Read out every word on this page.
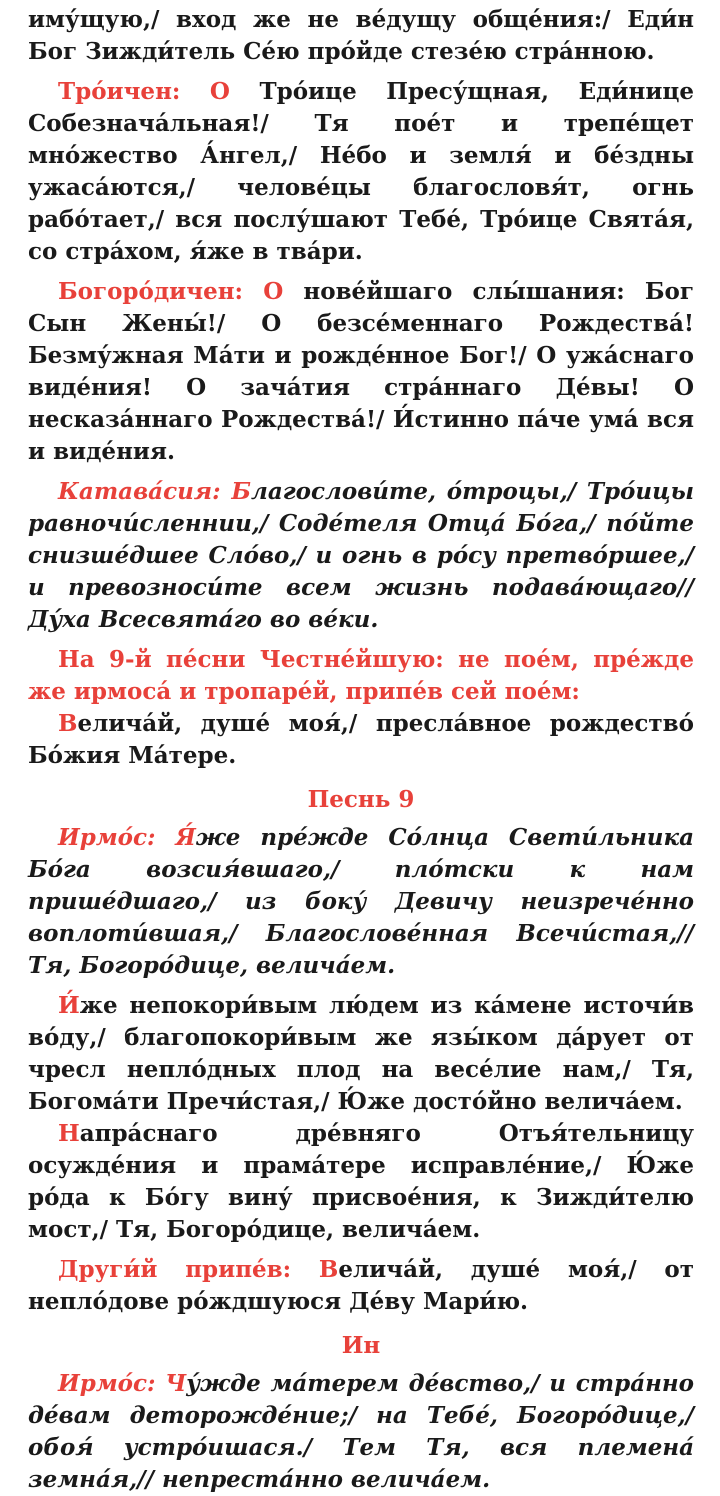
иму́щую,/ вход же не ве́дущу обще́ния:/ Еди́н Бог Зижди́тель Се́ю про́йде стезе́ю стра́нною.

Тро́ичен: О Тро́ице Пресу́щная, Еди́нице Собезнача́льная!/ Тя пое́т и трепе́щет мно́жество А́нгел,/ Не́бо и земля́ и бе́здны ужаса́ются,/ челове́цы благословя́т, огнь рабо́тает,/ вся послу́шают Тебе́, Тро́ице Свята́я, со стра́хом, я́же в тва́ри.

Богоро́дичен: О нове́йшаго слы́шания: Бог Сын Жены́!/ О безсе́меннаго Рождества́! Безму́жная Ма́ти и рожде́нное Бог!/ О ужа́снаго виде́ния! О зача́тия стра́ннаго Де́вы! О несказа́ннаго Рождества́!/ И́стинно па́че ума́ вся и виде́ния.

Катава́сия: Благослови́те, о́троцы,/ Тро́ицы равночи́сленнии,/ Соде́теля Отца́ Бо́га,/ по́йте снизше́дшее Сло́во,/ и огнь в ро́су претво́ршее,/ и превозноси́те всем жизнь подава́ющаго// Ду́ха Всесвята́го во ве́ки.

На 9-й пе́сни Честне́йшую: не пое́м, пре́жде же ирмоса́ и тропаре́й, припе́в сей пое́м:

Велича́й, душе́ моя́,/ пресла́вное рождество́ Бо́жия Ма́тере.

Песнь 9

Ирмо́с: Я́же пре́жде Со́лнца Свети́льника Бо́га возсия́вшаго,/ пло́тски к нам прише́дшаго,/ из боку́ Девичу неизрече́нно воплоти́вшая,/ Благослове́нная Всечи́стая,// Тя, Богоро́дице, велича́ем.

И́же непокори́вым лю́дем из ка́мене источи́в во́ду,/ благопокори́вым же язы́ком да́рует от чресл непло́дных плод на весе́лие нам,/ Тя, Богома́ти Пречи́стая,/ Ю́же досто́йно велича́ем.

Напра́снаго дре́вняго Отъя́тельницу осужде́ния и прама́тере исправле́ние,/ Ю́же ро́да к Бо́гу вину́ присвое́ния, к Зижди́телю мост,/ Тя, Богоро́дице, велича́ем.

Други́й припе́в: Велича́й, душе́ моя́,/ от непло́дове ро́ждшуюся Де́ву Мари́ю.

Ин

Ирмо́с: Чу́жде ма́терем де́вство,/ и стра́нно де́вам деторожде́ние;/ на Тебе́, Богоро́дице,/ обоя́ устро́ишася./ Тем Тя, вся племена́ земна́я,// непреста́нно велича́ем.
